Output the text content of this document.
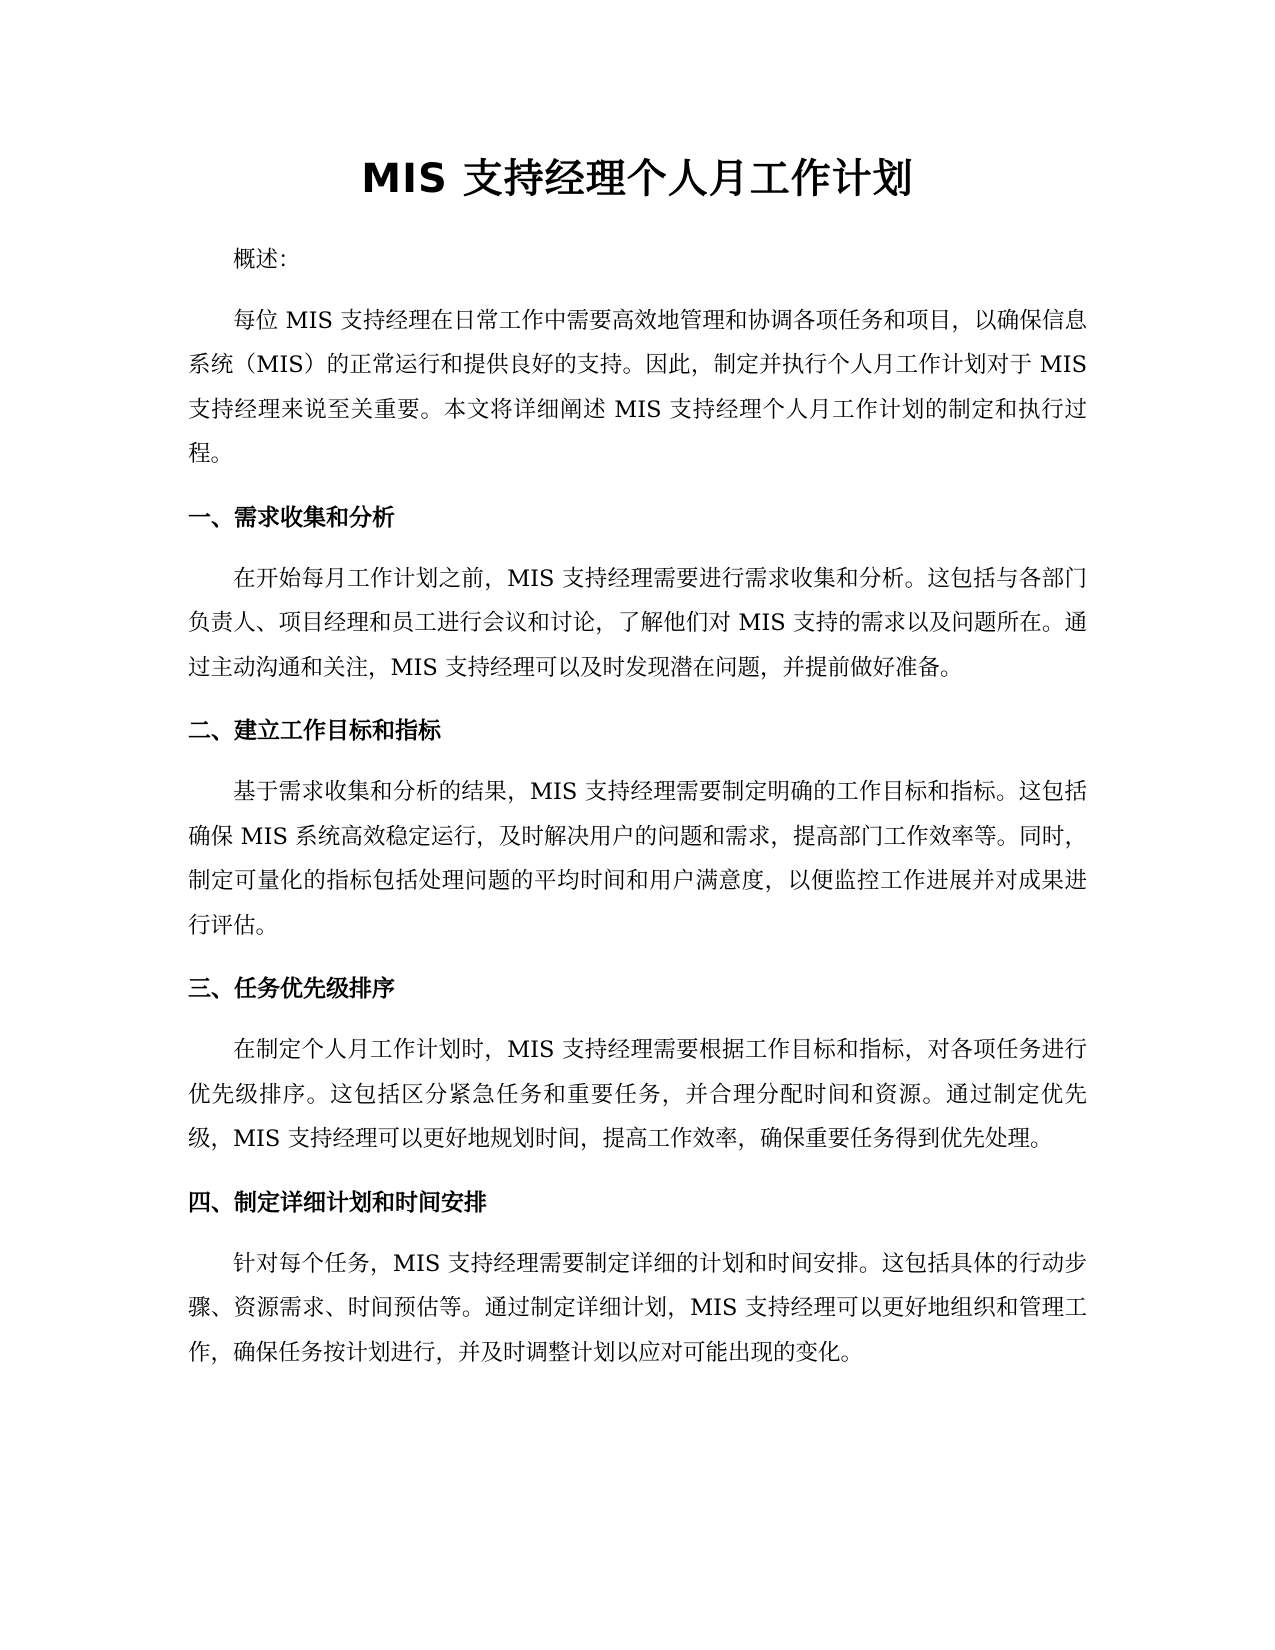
MIS 支持经理个人月工作计划

概述：

每位 MIS 支持经理在日常工作中需要高效地管理和协调各项任务和项目，以确保信息系统（MIS）的正常运行和提供良好的支持。因此，制定并执行个人月工作计划对于 MIS 支持经理来说至关重要。本文将详细阐述 MIS 支持经理个人月工作计划的制定和执行过程。

一、需求收集和分析

在开始每月工作计划之前，MIS 支持经理需要进行需求收集和分析。这包括与各部门负责人、项目经理和员工进行会议和讨论，了解他们对 MIS 支持的需求以及问题所在。通过主动沟通和关注，MIS 支持经理可以及时发现潜在问题，并提前做好准备。

二、建立工作目标和指标

基于需求收集和分析的结果，MIS 支持经理需要制定明确的工作目标和指标。这包括确保 MIS 系统高效稳定运行，及时解决用户的问题和需求，提高部门工作效率等。同时，制定可量化的指标包括处理问题的平均时间和用户满意度，以便监控工作进展并对成果进行评估。

三、任务优先级排序

在制定个人月工作计划时，MIS 支持经理需要根据工作目标和指标，对各项任务进行优先级排序。这包括区分紧急任务和重要任务，并合理分配时间和资源。通过制定优先级，MIS 支持经理可以更好地规划时间，提高工作效率，确保重要任务得到优先处理。

四、制定详细计划和时间安排

针对每个任务，MIS 支持经理需要制定详细的计划和时间安排。这包括具体的行动步骤、资源需求、时间预估等。通过制定详细计划，MIS 支持经理可以更好地组织和管理工作，确保任务按计划进行，并及时调整计划以应对可能出现的变化。
